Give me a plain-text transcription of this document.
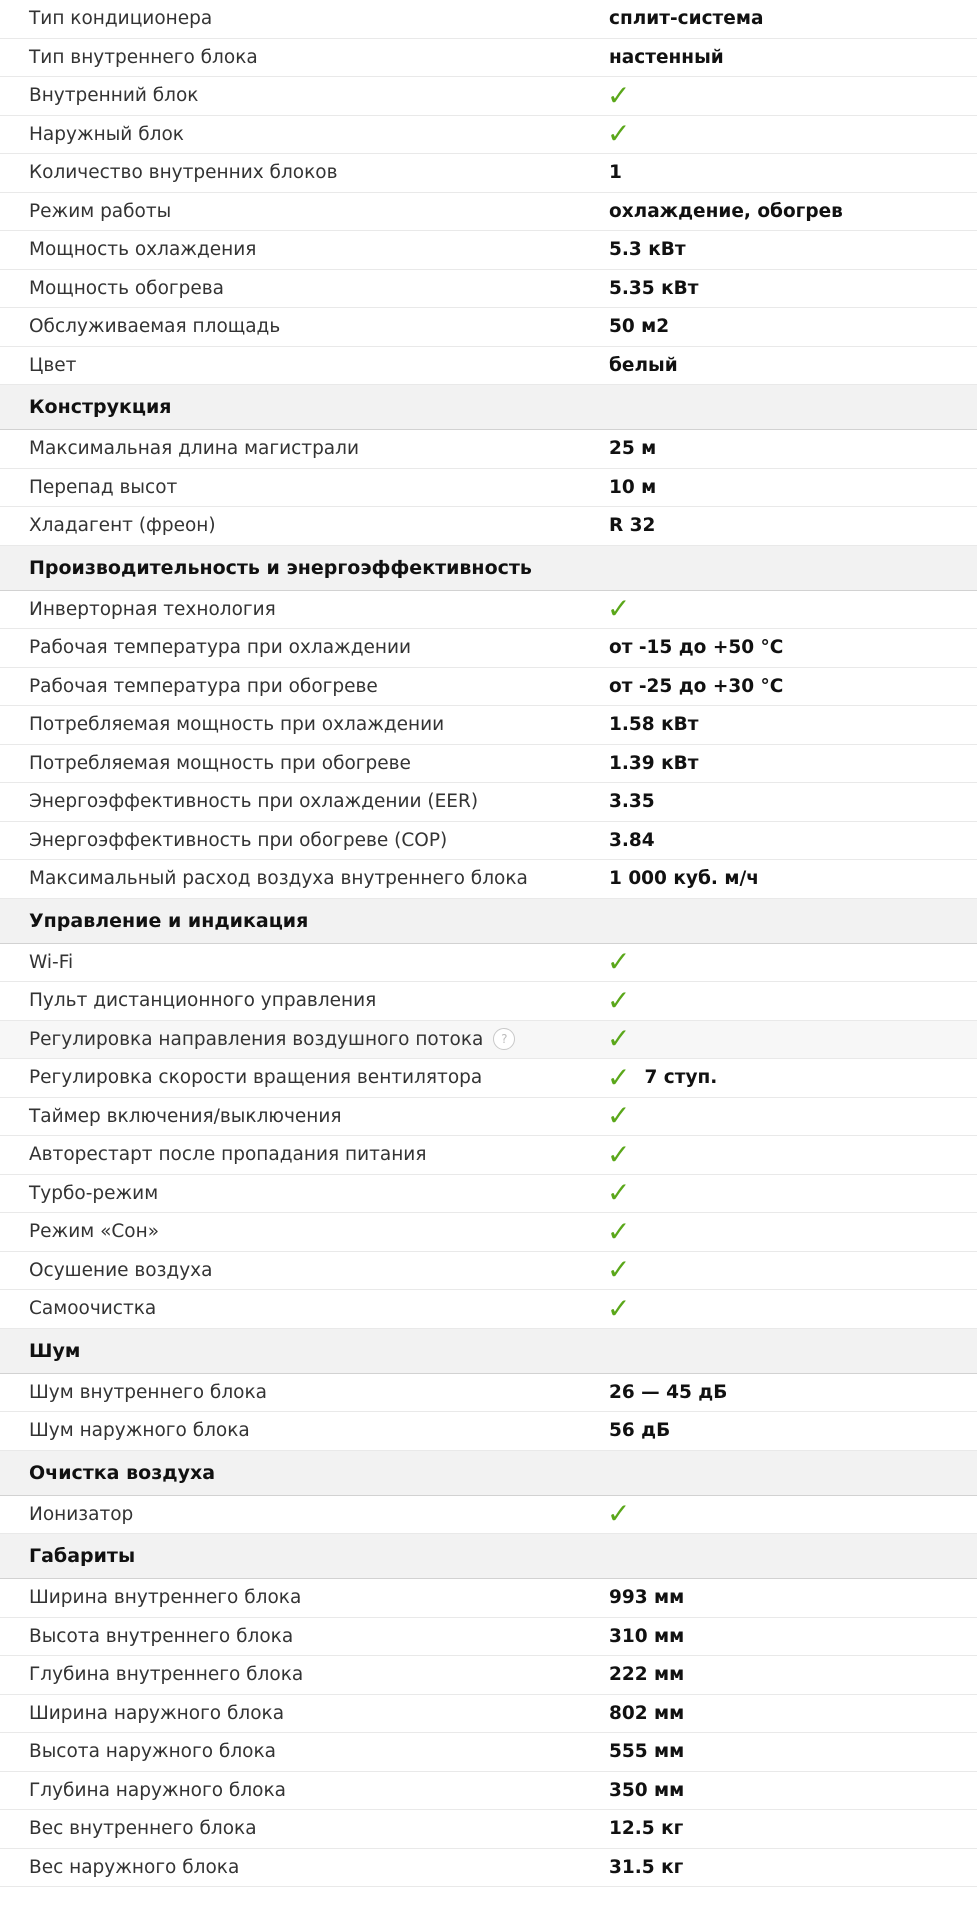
Тип кондиционера	сплит-система
Тип внутреннего блока	настенный
Внутренний блок	✓
Наружный блок	✓
Количество внутренних блоков	1
Режим работы	охлаждение, обогрев
Мощность охлаждения	5.3 кВт
Мощность обогрева	5.35 кВт
Обслуживаемая площадь	50 м2
Цвет	белый
Конструкция
Максимальная длина магистрали	25 м
Перепад высот	10 м
Хладагент (фреон)	R 32
Производительность и энергоэффективность
Инверторная технология	✓
Рабочая температура при охлаждении	от -15 до +50 °C
Рабочая температура при обогреве	от -25 до +30 °C
Потребляемая мощность при охлаждении	1.58 кВт
Потребляемая мощность при обогреве	1.39 кВт
Энергоэффективность при охлаждении (EER)	3.35
Энергоэффективность при обогреве (COP)	3.84
Максимальный расход воздуха внутреннего блока	1 000 куб. м/ч
Управление и индикация
Wi-Fi	✓
Пульт дистанционного управления	✓
Регулировка направления воздушного потока	?	✓
Регулировка скорости вращения вентилятора	✓ 7 ступ.
Таймер включения/выключения	✓
Авторестарт после пропадания питания	✓
Турбо-режим	✓
Режим «Сон»	✓
Осушение воздуха	✓
Самоочистка	✓
Шум
Шум внутреннего блока	26 — 45 дБ
Шум наружного блока	56 дБ
Очистка воздуха
Ионизатор	✓
Габариты
Ширина внутреннего блока	993 мм
Высота внутреннего блока	310 мм
Глубина внутреннего блока	222 мм
Ширина наружного блока	802 мм
Высота наружного блока	555 мм
Глубина наружного блока	350 мм
Вес внутреннего блока	12.5 кг
Вес наружного блока	31.5 кг
